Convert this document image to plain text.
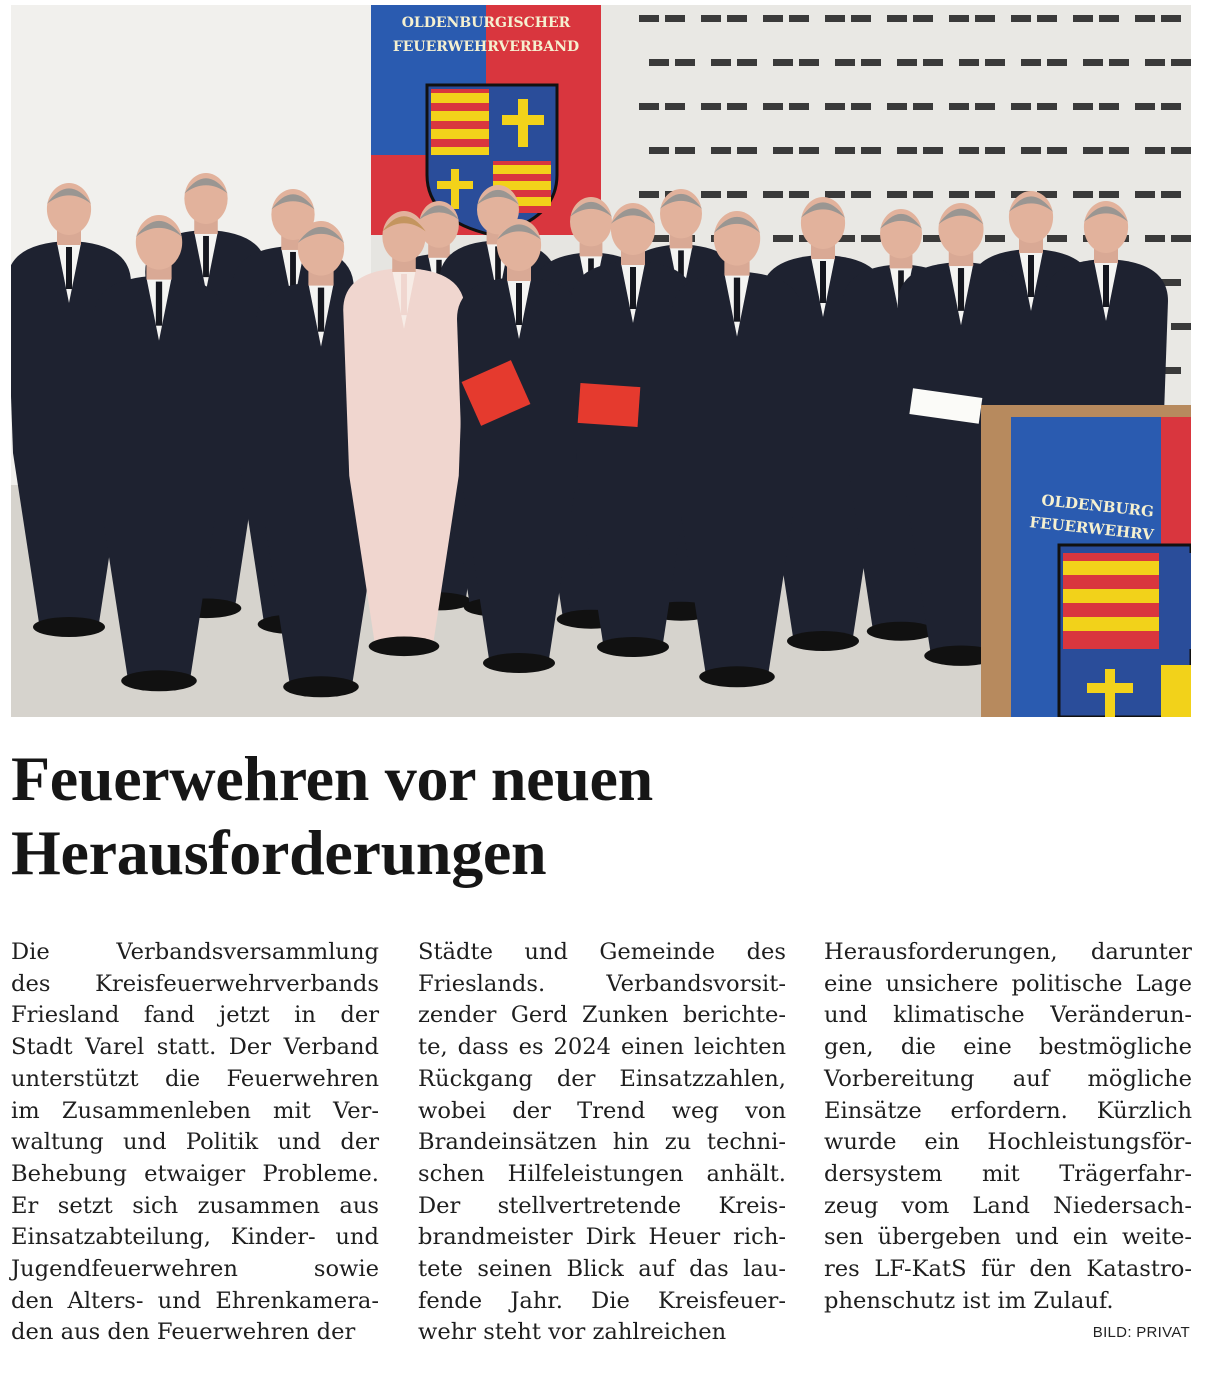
OLDENBURGISCHER
FEUERWEHRVERBAND
OLDENBURG
FEUERWEHRV
Feuerwehren vor neuen
Herausforderungen
Die Verbandsversammlung
des Kreisfeuerwehrverbands
Friesland fand jetzt in der
Stadt Varel statt. Der Verband
unterstützt die Feuerwehren
im Zusammenleben mit Ver-
waltung und Politik und der
Behebung etwaiger Probleme.
Er setzt sich zusammen aus
Einsatzabteilung, Kinder- und
Jugendfeuerwehren sowie
den Alters- und Ehrenkamera-
den aus den Feuerwehren der
Städte und Gemeinde des
Frieslands. Verbandsvorsit-
zender Gerd Zunken berichte-
te, dass es 2024 einen leichten
Rückgang der Einsatzzahlen,
wobei der Trend weg von
Brandeinsätzen hin zu techni-
schen Hilfeleistungen anhält.
Der stellvertretende Kreis-
brandmeister Dirk Heuer rich-
tete seinen Blick auf das lau-
fende Jahr. Die Kreisfeuer-
wehr steht vor zahlreichen
Herausforderungen, darunter
eine unsichere politische Lage
und klimatische Veränderun-
gen, die eine bestmögliche
Vorbereitung auf mögliche
Einsätze erfordern. Kürzlich
wurde ein Hochleistungsför-
dersystem mit Trägerfahr-
zeug vom Land Niedersach-
sen übergeben und ein weite-
res LF-KatS für den Katastro-
phenschutz ist im Zulauf.
BILD: PRIVAT
